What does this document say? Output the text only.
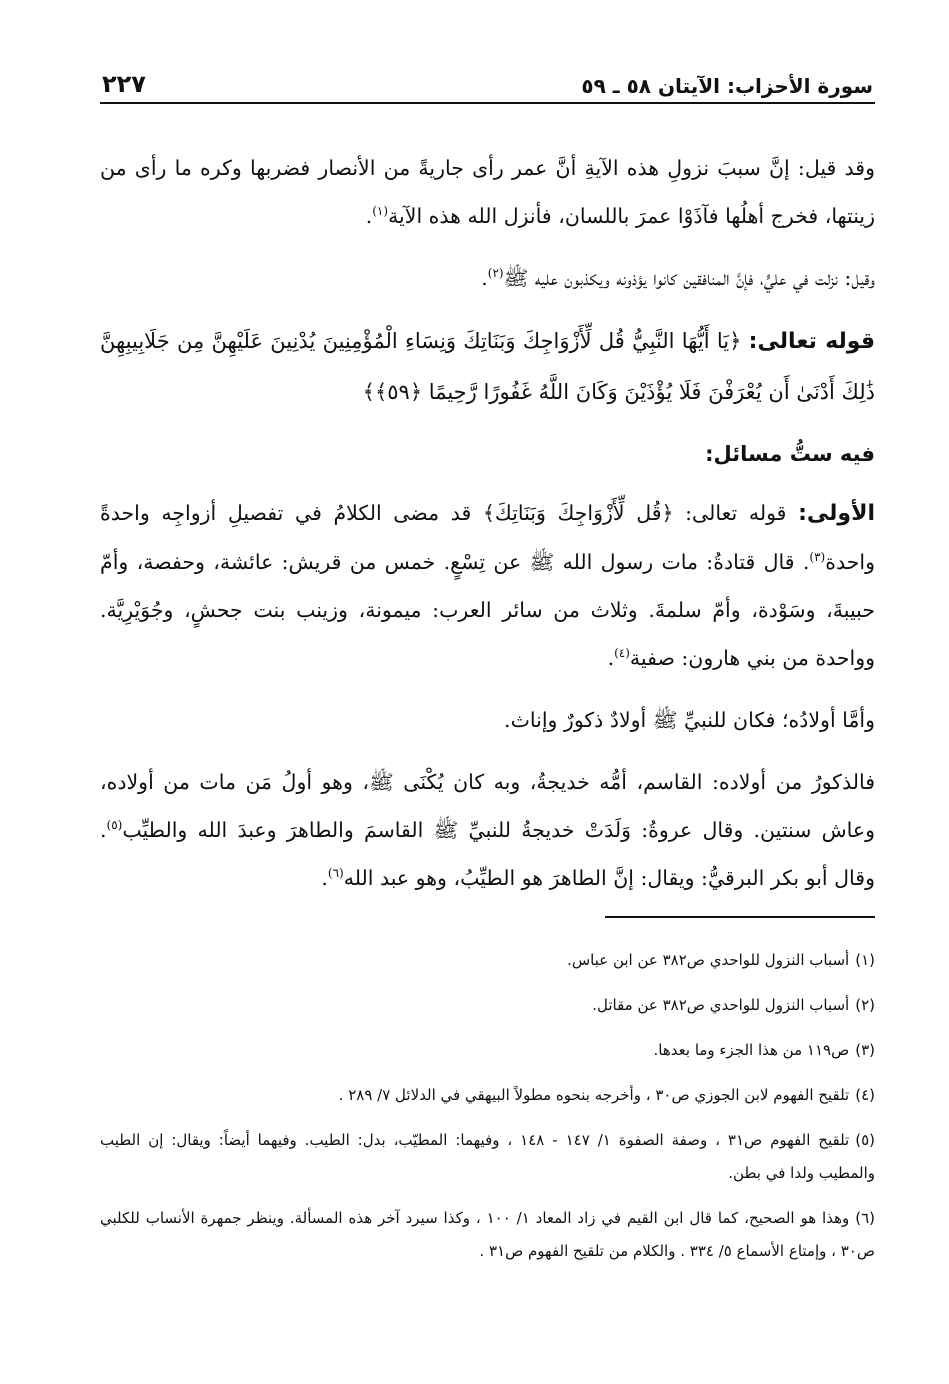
سورة الأحزاب: الآيتان ٥٨ ـ ٥٩
٢٢٧

وقد قيل: إنَّ سببَ نزولِ هذه الآيةِ أنَّ عمر رأى جاريةً من الأنصار فضربها وكره ما رأى من زينتها، فخرج أهلُها فآذَوْا عمرَ باللسان، فأنزل الله هذه الآية$^{(١)}$.

وقيل: نزلت في عليٍّ، فإنَّ المنافقين كانوا يؤذونه ويكذبون عليه ﷺ$^{(٢)}$.

قوله تعالى: ﴿يَا أَيُّهَا النَّبِيُّ قُل لِّأَزْوَاجِكَ وَبَنَاتِكَ وَنِسَاءِ الْمُؤْمِنِينَ يُدْنِينَ عَلَيْهِنَّ مِن جَلَابِيبِهِنَّ ذَٰلِكَ أَدْنَىٰ أَن يُعْرَفْنَ فَلَا يُؤْذَيْنَ وَكَانَ اللَّهُ غَفُورًا رَّحِيمًا ﴿٥٩﴾﴾

فيه ستُّ مسائل:

الأولى: قوله تعالى: ﴿قُل لِّأَزْوَاجِكَ وَبَنَاتِكَ﴾ قد مضى الكلامُ في تفصيلِ أزواجِه واحدةً واحدة$^{(٣)}$. قال قتادةُ: مات رسول الله ﷺ عن تِسْعٍ. خمس من قريش: عائشة، وحفصة، وأمّ حبيبةَ، وسَوْدة، وأمّ سلمةَ. وثلاث من سائر العرب: ميمونة، وزينب بنت جحشٍ، وجُوَيْرِيَّة. وواحدة من بني هارون: صفية$^{(٤)}$.

وأمَّا أولادُه؛ فكان للنبيِّ ﷺ أولادٌ ذكورٌ وإناث.

فالذكورُ من أولاده: القاسم، أمُّه خديجةُ، وبه كان يُكْنَى ﷺ، وهو أولُ مَن مات من أولاده، وعاش سنتين. وقال عروةُ: وَلَدَتْ خديجةُ للنبيِّ ﷺ القاسمَ والطاهرَ وعبدَ الله والطيِّب$^{(٥)}$. وقال أبو بكر البرقيُّ: ويقال: إنَّ الطاهرَ هو الطيِّبُ، وهو عبد الله$^{(٦)}$.

(١)أسباب النزول للواحدي ص٣٨٢ عن ابن عباس.

(٢)أسباب النزول للواحدي ص٣٨٢ عن مقاتل.

(٣)ص١١٩ من هذا الجزء وما بعدها.

(٤)تلقيح الفهوم لابن الجوزي ص٣٠ ، وأخرجه بنحوه مطولاً البيهقي في الدلائل ٧/ ٢٨٩ .

(٥)تلقيح الفهوم ص٣١ ، وصفة الصفوة ١/ ١٤٧ - ١٤٨ ، وفيهما: المطيّب، بدل: الطيب. وفيهما أيضاً: ويقال: إن الطيب والمطيب ولدا في بطن.

(٦)وهذا هو الصحيح، كما قال ابن القيم في زاد المعاد ١/ ١٠٠ ، وكذا سيرد آخر هذه المسألة. وينظر جمهرة الأنساب للكلبي ص٣٠ ، وإمتاع الأسماع ٥/ ٣٣٤ . والكلام من تلقيح الفهوم ص٣١ .
